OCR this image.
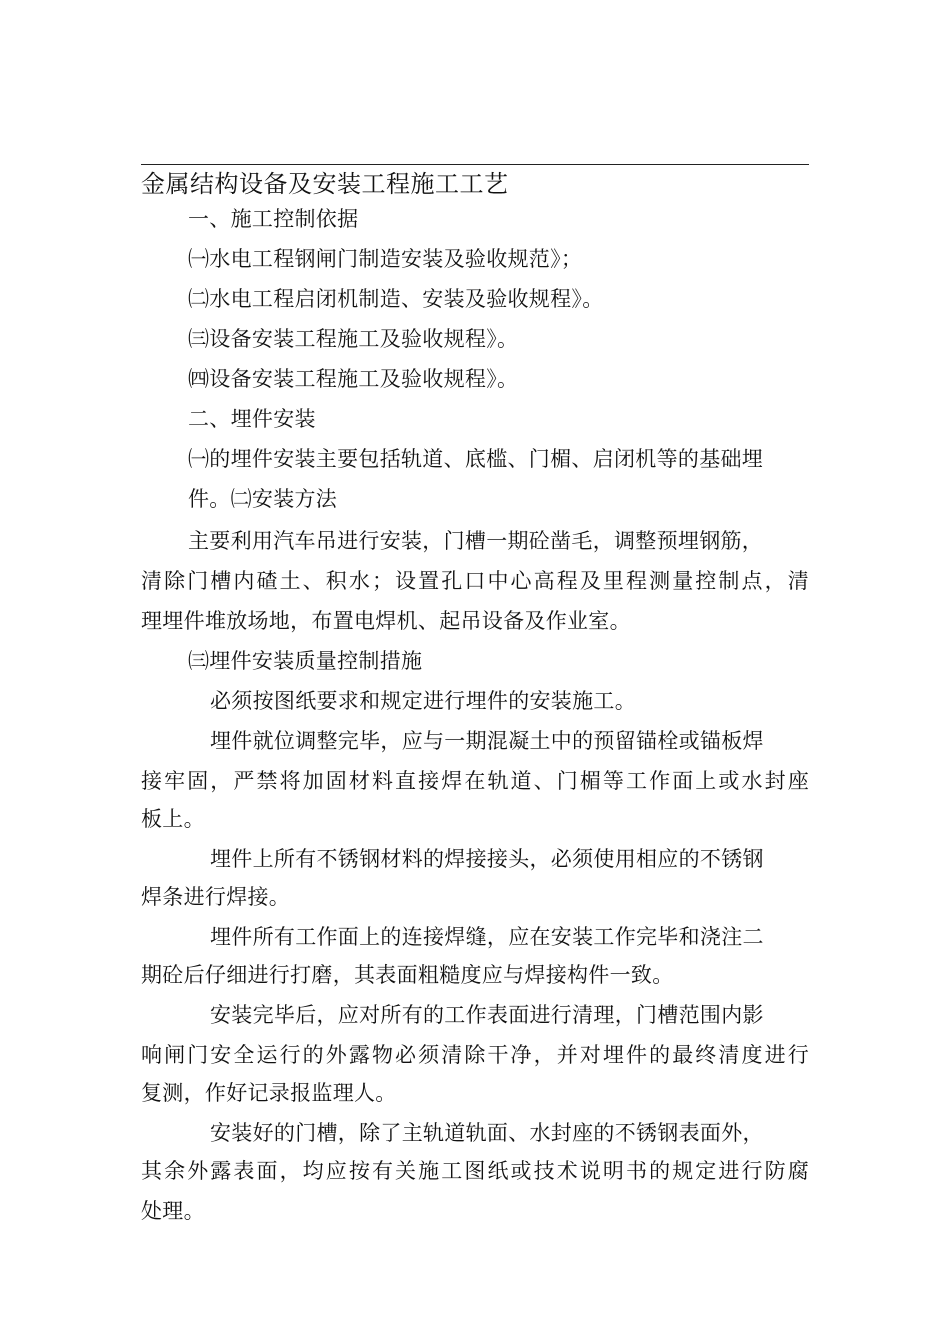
金属结构设备及安装工程施工工艺
一、施工控制依据
㈠水电工程钢闸门制造安装及验收规范》；
㈡水电工程启闭机制造、安装及验收规程》。
㈢设备安装工程施工及验收规程》。
㈣设备安装工程施工及验收规程》。
二、埋件安装
㈠的埋件安装主要包括轨道、底槛、门楣、启闭机等的基础埋
件。㈡安装方法
主要利用汽车吊进行安装，门槽一期砼凿毛，调整预埋钢筋，
清除门槽内碴土、积水；设置孔口中心高程及里程测量控制点，清
理埋件堆放场地，布置电焊机、起吊设备及作业室。
㈢埋件安装质量控制措施
必须按图纸要求和规定进行埋件的安装施工。
埋件就位调整完毕，应与一期混凝土中的预留锚栓或锚板焊
接牢固，严禁将加固材料直接焊在轨道、门楣等工作面上或水封座
板上。
埋件上所有不锈钢材料的焊接接头，必须使用相应的不锈钢
焊条进行焊接。
埋件所有工作面上的连接焊缝，应在安装工作完毕和浇注二
期砼后仔细进行打磨，其表面粗糙度应与焊接构件一致。
安装完毕后，应对所有的工作表面进行清理，门槽范围内影
响闸门安全运行的外露物必须清除干净，并对埋件的最终清度进行
复测，作好记录报监理人。
安装好的门槽，除了主轨道轨面、水封座的不锈钢表面外，
其余外露表面，均应按有关施工图纸或技术说明书的规定进行防腐
处理。
